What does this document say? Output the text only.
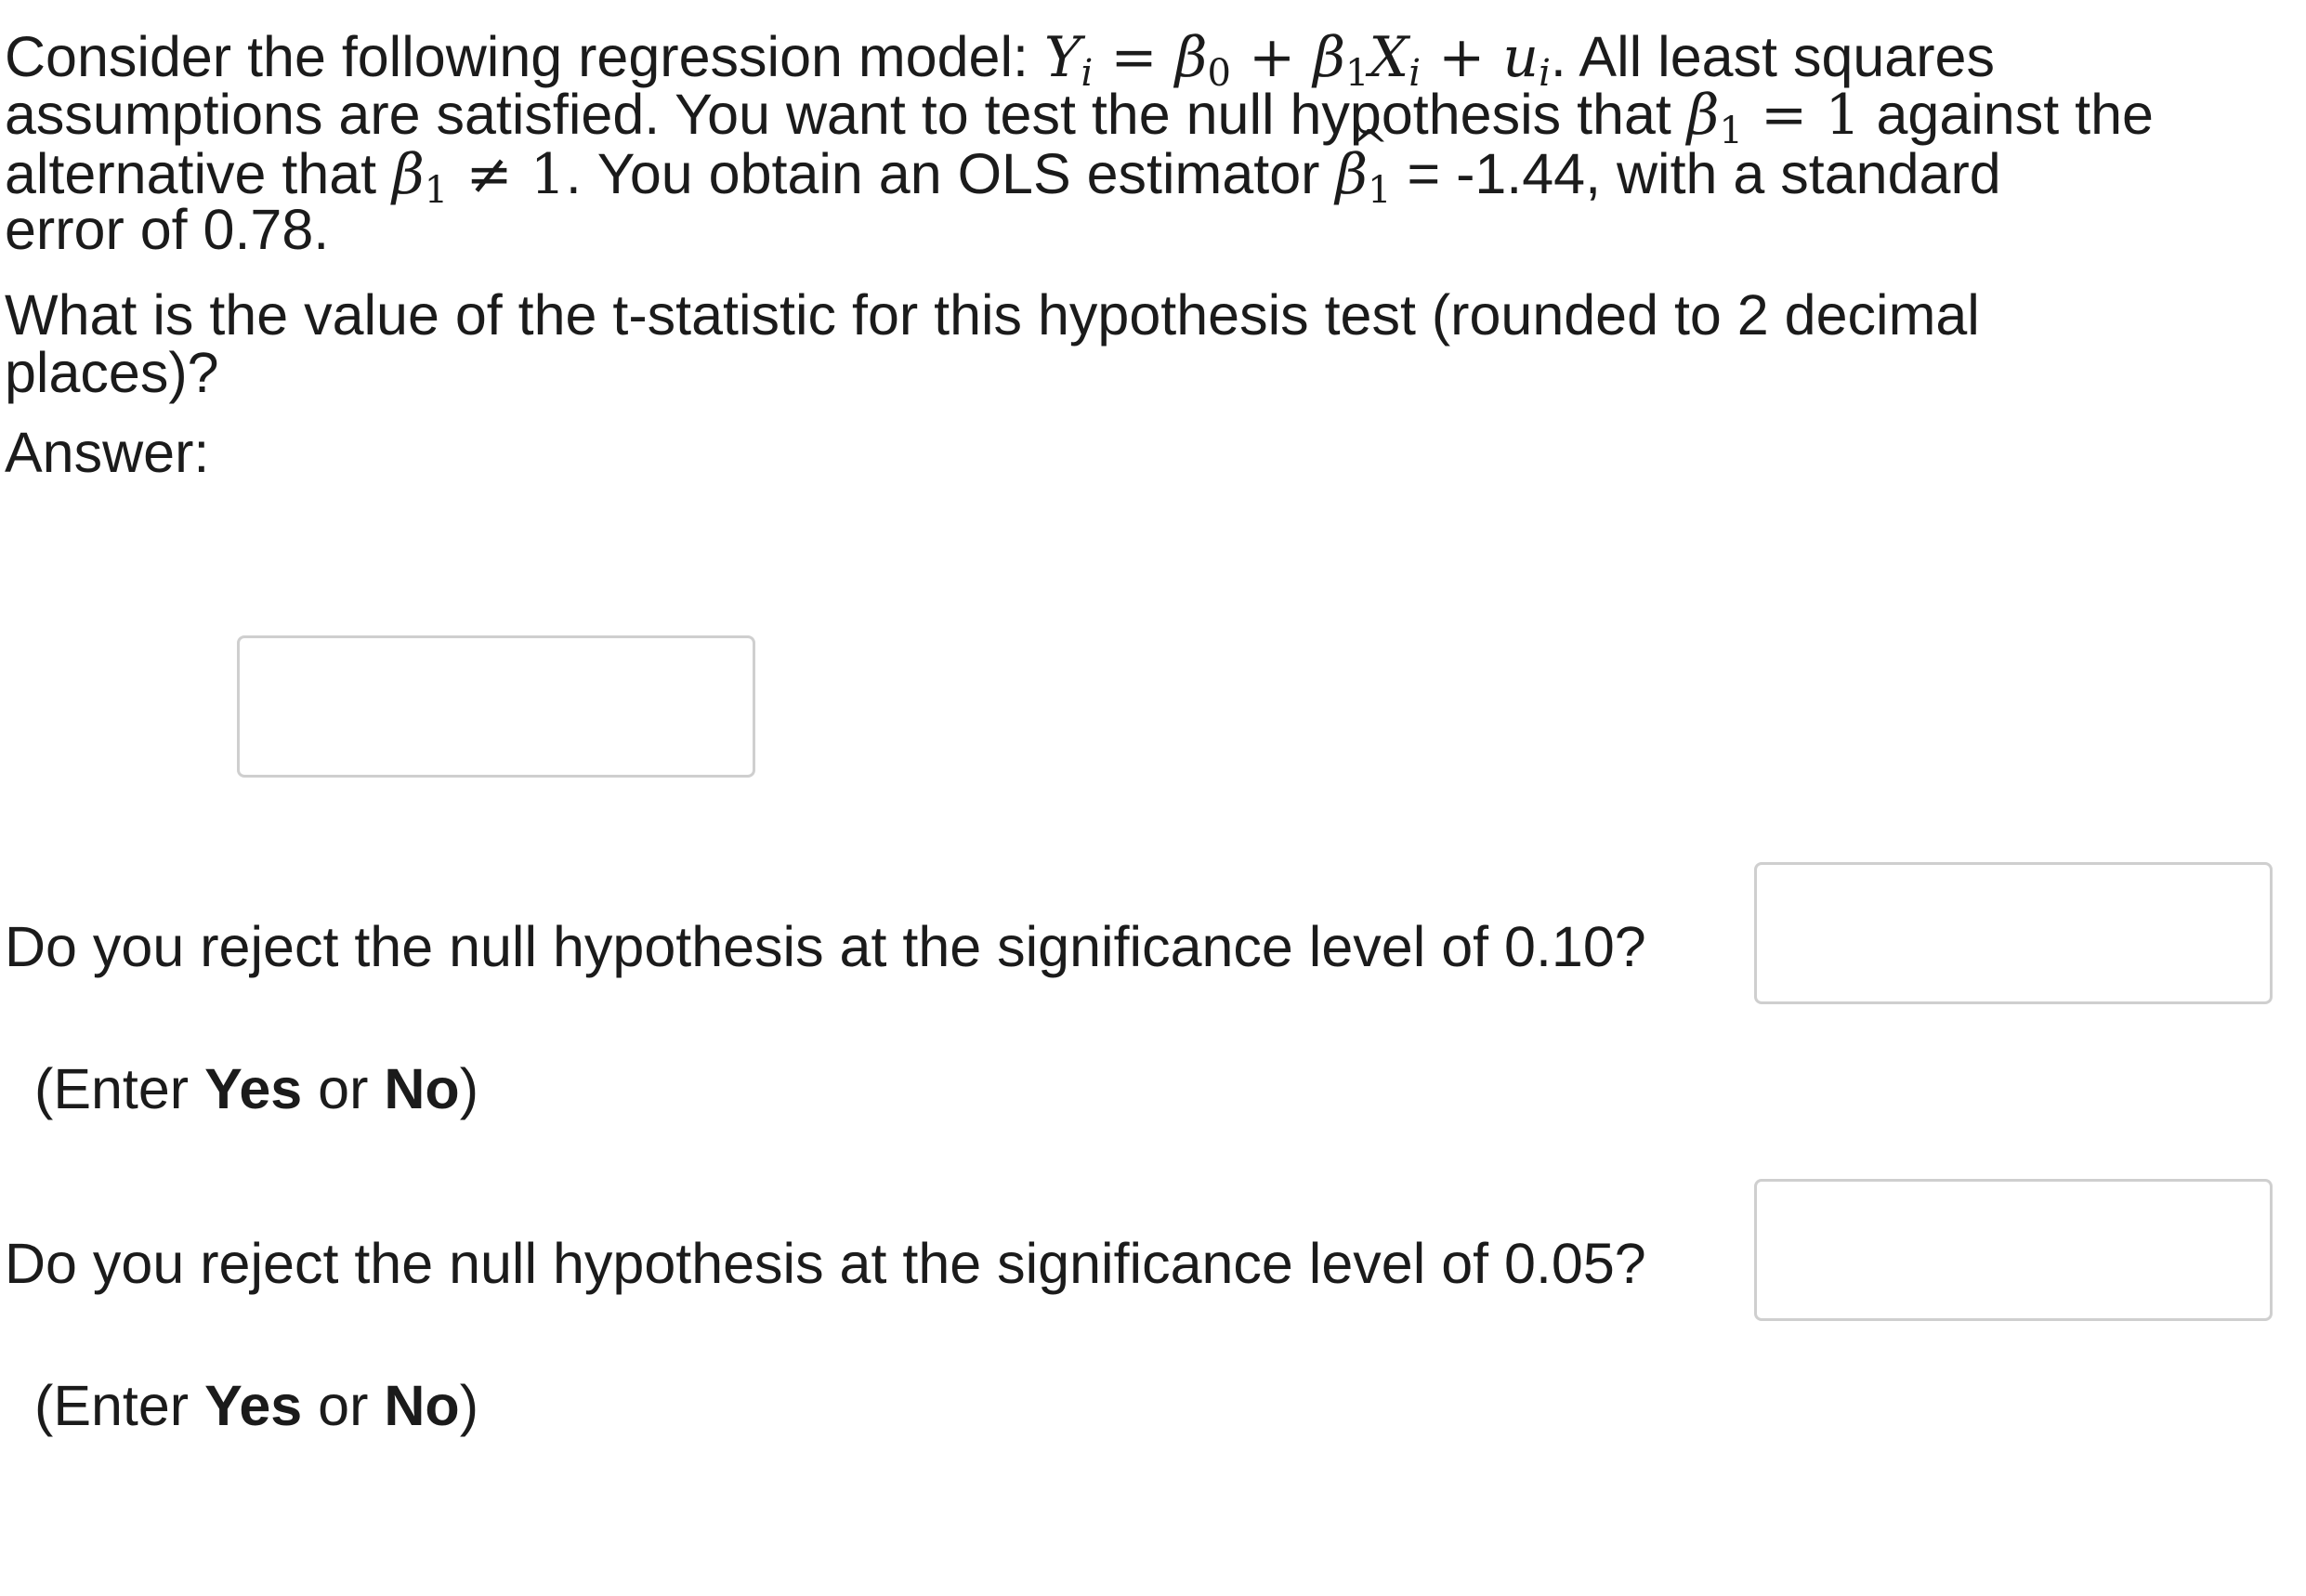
Consider the following regression model: $Y_i = \beta_0 + \beta_1X_i + u_i$. All least squares

assumptions are satisfied. You want to test the null hypothesis that $\beta_1 = 1$ against the

alternative that $\beta_1 \ne 1$. You obtain an OLS estimator ^ $\beta_1 = -1.44$, with a standard

error of 0.78.

What is the value of the t-statistic for this hypothesis test (rounded to 2 decimal

places)?

Answer:

Do you reject the null hypothesis at the significance level of 0.10?

(Enter Yes or No)

Do you reject the null hypothesis at the significance level of 0.05?

(Enter Yes or No)
